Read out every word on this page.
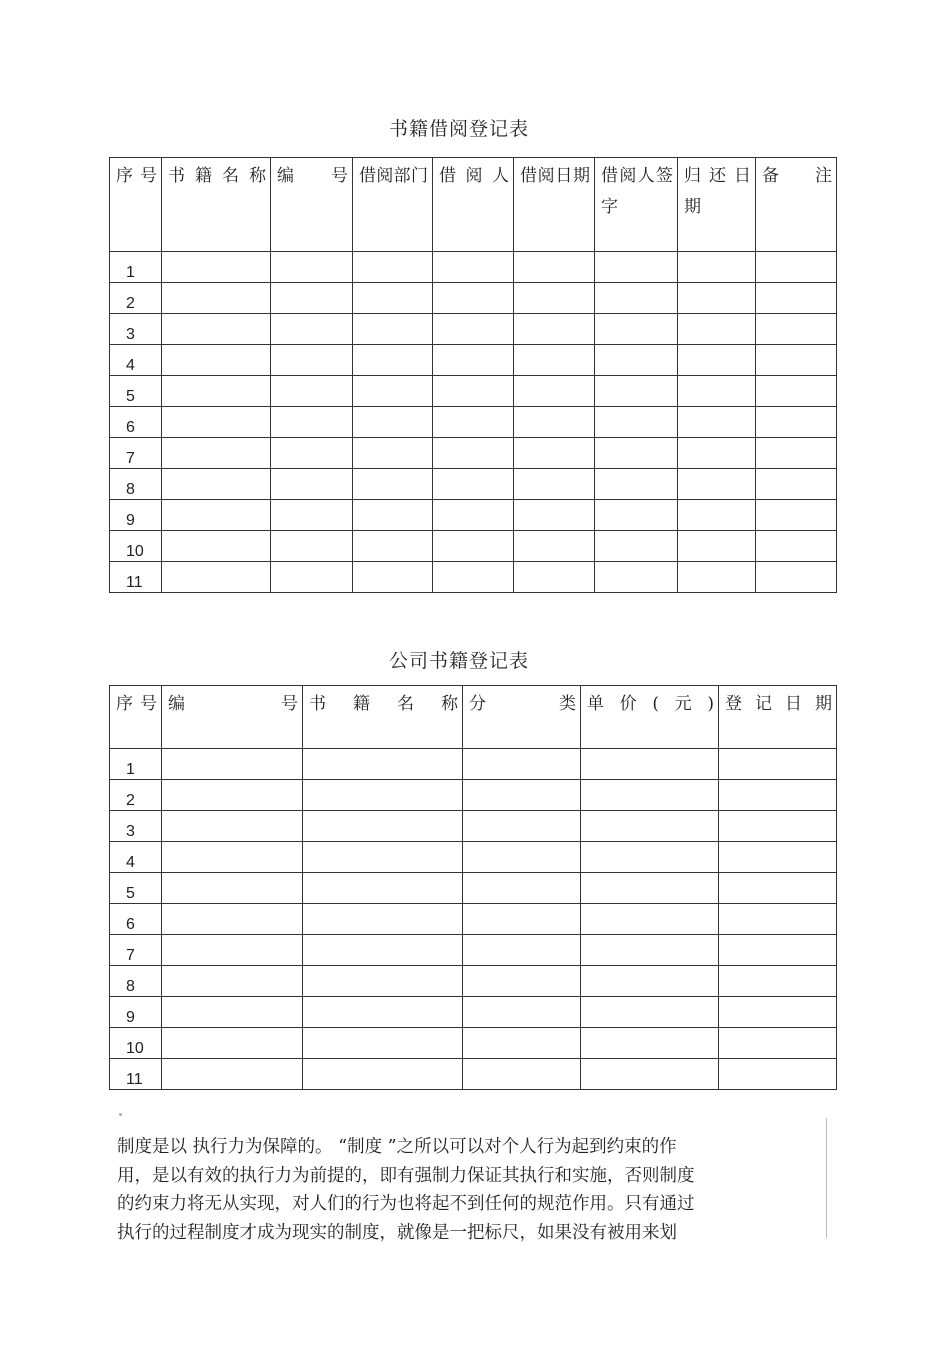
书籍借阅登记表
序号	书籍名称	编号	借阅部门	借阅人	借阅日期	借阅人签字	归还日期	备注

1								
2								
3								
4								
5								
6								
7								
8								
9								
10								
11								
公司书籍登记表
序号	编号	书籍名称	分类	单价(元)	登记日期

1					
2					
3					
4					
5					
6					
7					
8					
9					
10					
11					

制度是以 执行力为保障的。 “制度 ”之所以可以对个人行为起到约束的作

用，是以有效的执行力为前提的，即有强制力保证其执行和实施，否则制度

的约束力将无从实现，对人们的行为也将起不到任何的规范作用。只有通过

执行的过程制度才成为现实的制度，就像是一把标尺，如果没有被用来划
